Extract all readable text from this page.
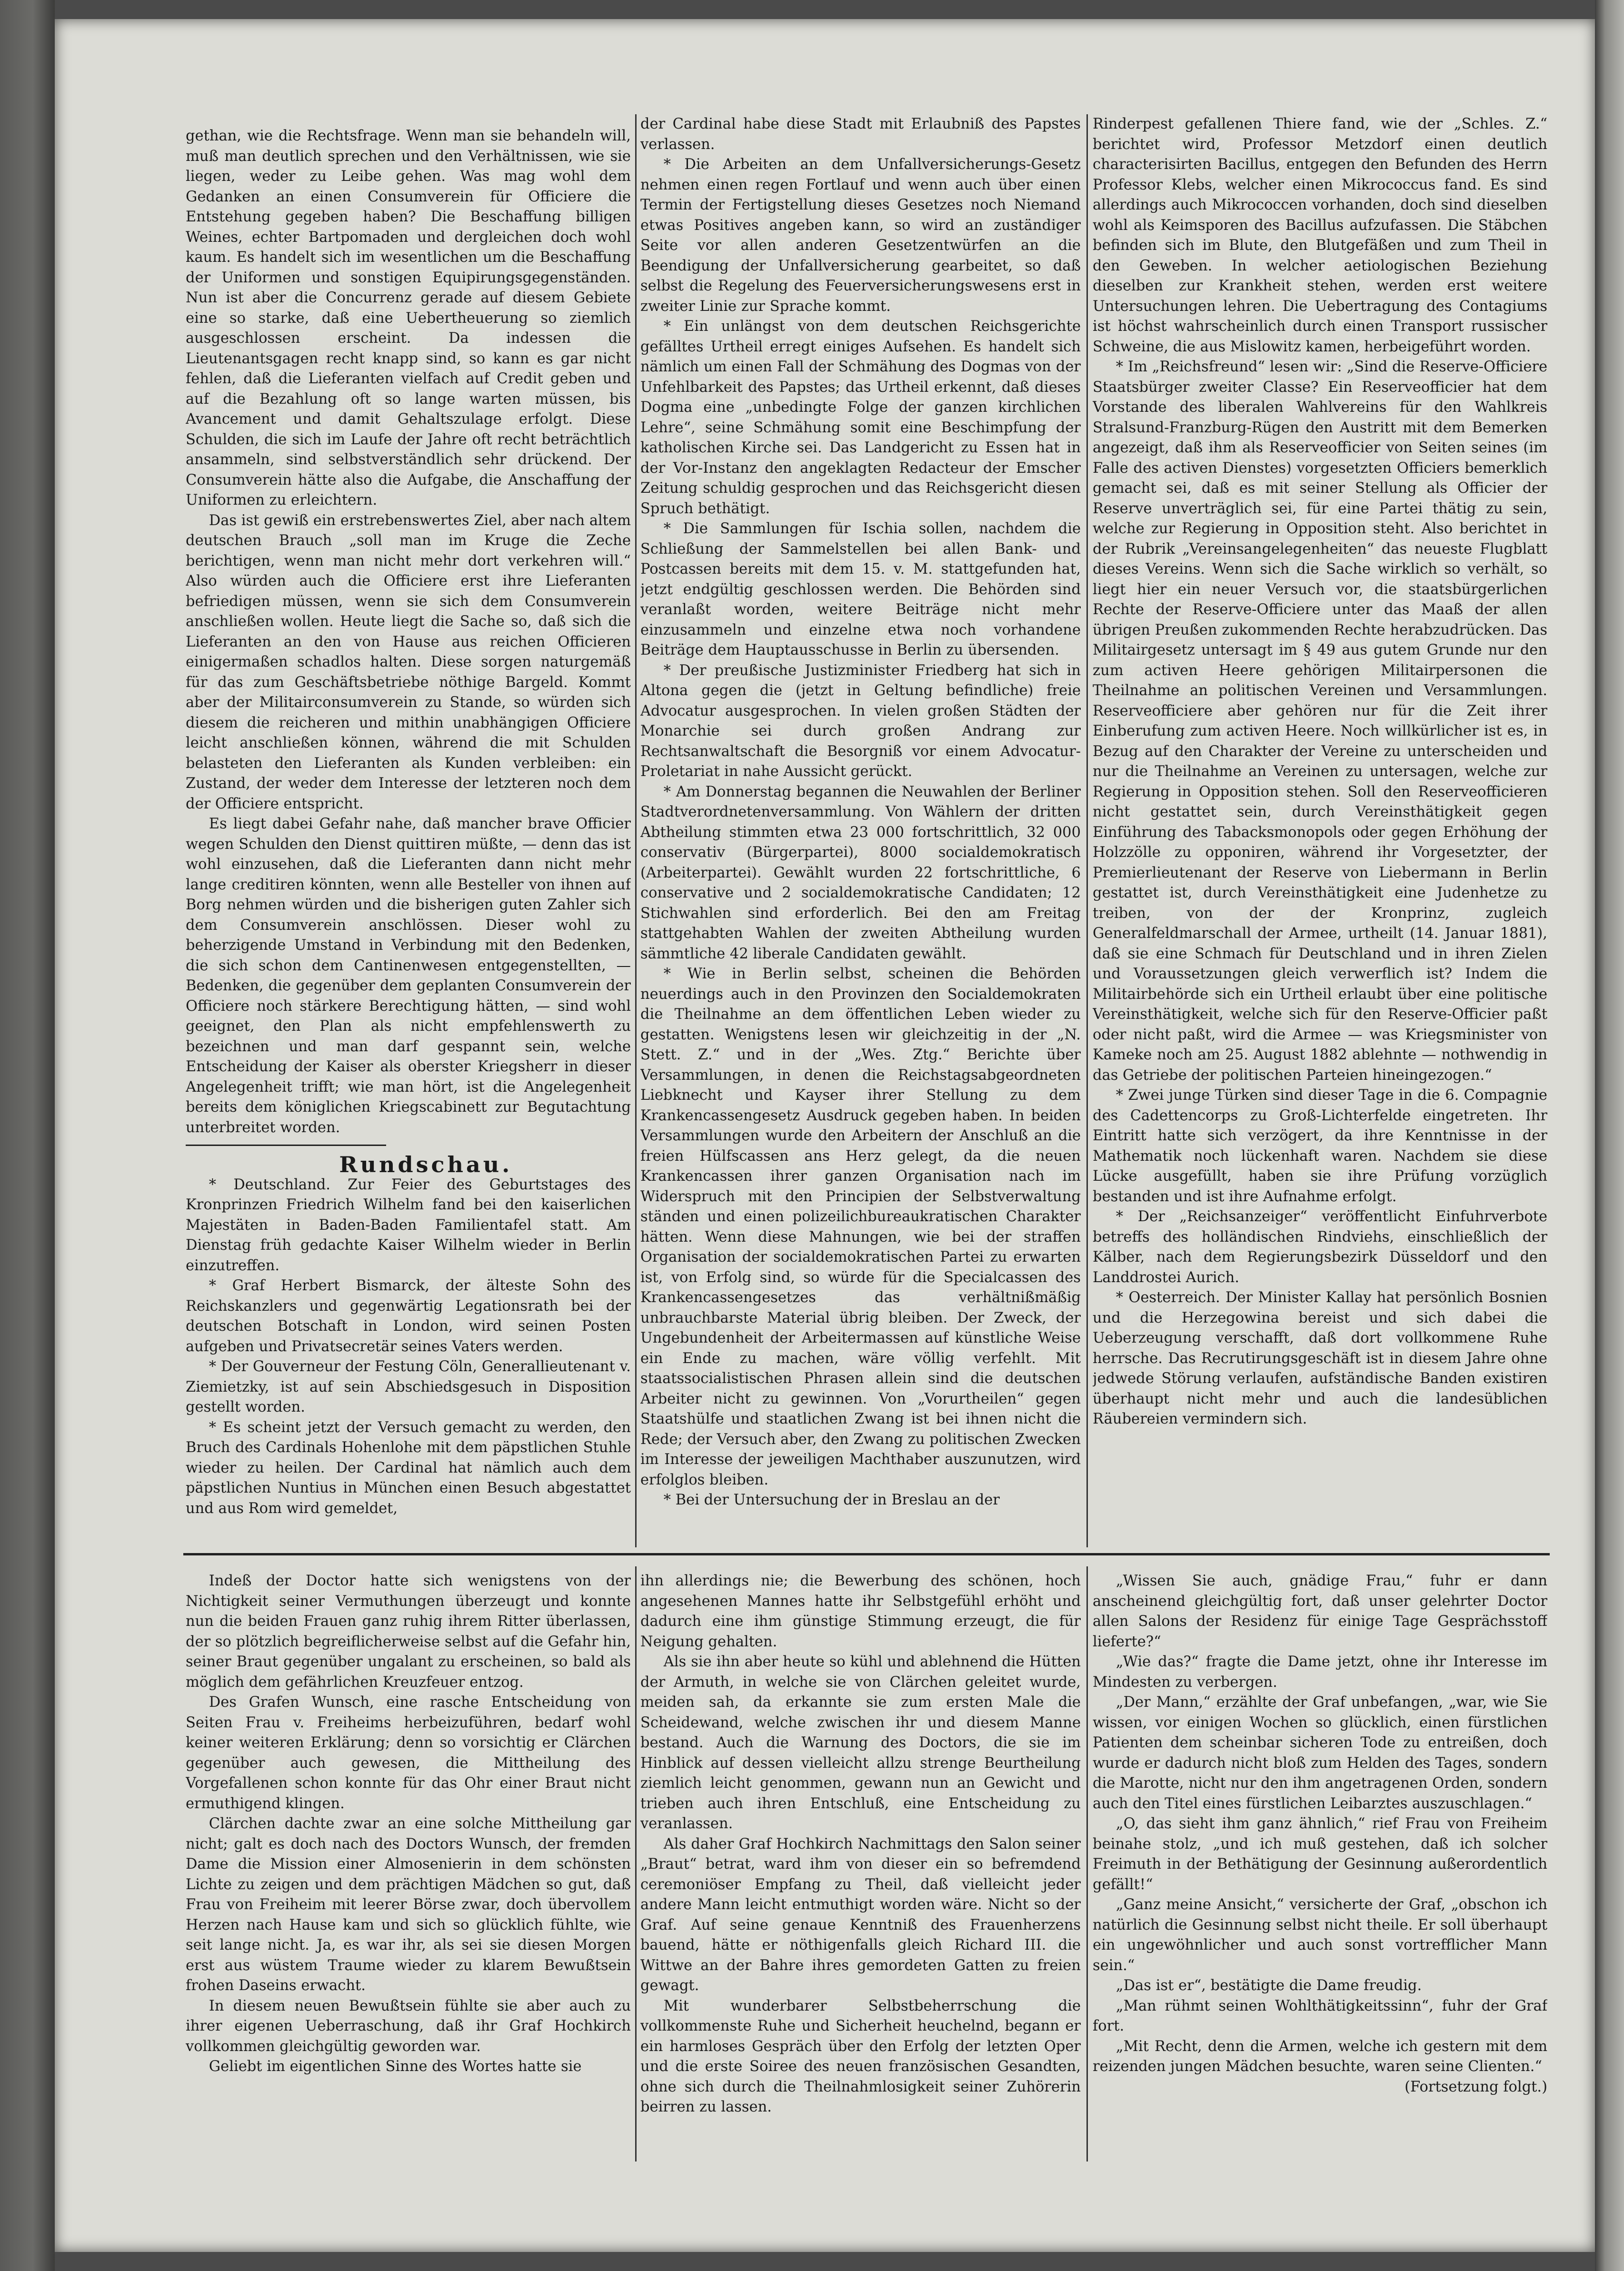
gethan, wie die Rechtsfrage. Wenn man sie behandeln will, muß man deutlich sprechen und den Verhältnissen, wie sie liegen, weder zu Leibe gehen. Was mag wohl dem Gedanken an einen Consumverein für Officiere die Entstehung gegeben haben? Die Beschaffung billigen Weines, echter Bartpomaden und dergleichen doch wohl kaum. Es handelt sich im wesentlichen um die Beschaffung der Uniformen und sonstigen Equipirungsgegenständen. Nun ist aber die Concurrenz gerade auf diesem Gebiete eine so starke, daß eine Uebertheuerung so ziemlich ausgeschlossen erscheint. Da indessen die Lieutenantsgagen recht knapp sind, so kann es gar nicht fehlen, daß die Lieferanten vielfach auf Credit geben und auf die Bezahlung oft so lange warten müssen, bis Avancement und damit Gehaltszulage erfolgt. Diese Schulden, die sich im Laufe der Jahre oft recht beträchtlich ansammeln, sind selbstverständlich sehr drückend. Der Consumverein hätte also die Aufgabe, die Anschaffung der Uniformen zu erleichtern.

Das ist gewiß ein erstrebenswertes Ziel, aber nach altem deutschen Brauch „soll man im Kruge die Zeche berichtigen, wenn man nicht mehr dort verkehren will.“ Also würden auch die Officiere erst ihre Lieferanten befriedigen müssen, wenn sie sich dem Consumverein anschließen wollen. Heute liegt die Sache so, daß sich die Lieferanten an den von Hause aus reichen Officieren einigermaßen schadlos halten. Diese sorgen naturgemäß für das zum Geschäftsbetriebe nöthige Bargeld. Kommt aber der Militairconsumverein zu Stande, so würden sich diesem die reicheren und mithin unabhängigen Officiere leicht anschließen können, während die mit Schulden belasteten den Lieferanten als Kunden verbleiben: ein Zustand, der weder dem Interesse der letzteren noch dem der Officiere entspricht.

Es liegt dabei Gefahr nahe, daß mancher brave Officier wegen Schulden den Dienst quittiren müßte, — denn das ist wohl einzusehen, daß die Lieferanten dann nicht mehr lange creditiren könnten, wenn alle Besteller von ihnen auf Borg nehmen würden und die bisherigen guten Zahler sich dem Consumverein anschlössen. Dieser wohl zu beherzigende Umstand in Verbindung mit den Bedenken, die sich schon dem Cantinenwesen entgegenstellten, — Bedenken, die gegenüber dem geplanten Consumverein der Officiere noch stärkere Berechtigung hätten, — sind wohl geeignet, den Plan als nicht empfehlenswerth zu bezeichnen und man darf gespannt sein, welche Entscheidung der Kaiser als oberster Kriegsherr in dieser Angelegenheit trifft; wie man hört, ist die Angelegenheit bereits dem königlichen Kriegscabinett zur Begutachtung unterbreitet worden.

Rundschau.

* Deutschland. Zur Feier des Geburtstages des Kronprinzen Friedrich Wilhelm fand bei den kaiserlichen Majestäten in Baden-Baden Familientafel statt. Am Dienstag früh gedachte Kaiser Wilhelm wieder in Berlin einzutreffen.

* Graf Herbert Bismarck, der älteste Sohn des Reichskanzlers und gegenwärtig Legationsrath bei der deutschen Botschaft in London, wird seinen Posten aufgeben und Privatsecretär seines Vaters werden.

* Der Gouverneur der Festung Cöln, Generallieutenant v. Ziemietzky, ist auf sein Abschiedsgesuch in Disposition gestellt worden.

* Es scheint jetzt der Versuch gemacht zu werden, den Bruch des Cardinals Hohenlohe mit dem päpstlichen Stuhle wieder zu heilen. Der Cardinal hat nämlich auch dem päpstlichen Nuntius in München einen Besuch abgestattet und aus Rom wird gemeldet,

der Cardinal habe diese Stadt mit Erlaubniß des Papstes verlassen.

* Die Arbeiten an dem Unfallversicherungs-Gesetz nehmen einen regen Fortlauf und wenn auch über einen Termin der Fertigstellung dieses Gesetzes noch Niemand etwas Positives angeben kann, so wird an zuständiger Seite vor allen anderen Gesetzentwürfen an die Beendigung der Unfallversicherung gearbeitet, so daß selbst die Regelung des Feuerversicherungswesens erst in zweiter Linie zur Sprache kommt.

* Ein unlängst von dem deutschen Reichsgerichte gefälltes Urtheil erregt einiges Aufsehen. Es handelt sich nämlich um einen Fall der Schmähung des Dogmas von der Unfehlbarkeit des Papstes; das Urtheil erkennt, daß dieses Dogma eine „unbedingte Folge der ganzen kirchlichen Lehre“, seine Schmähung somit eine Beschimpfung der katholischen Kirche sei. Das Landgericht zu Essen hat in der Vor-Instanz den angeklagten Redacteur der Emscher Zeitung schuldig gesprochen und das Reichsgericht diesen Spruch bethätigt.

* Die Sammlungen für Ischia sollen, nachdem die Schließung der Sammelstellen bei allen Bank- und Postcassen bereits mit dem 15. v. M. stattgefunden hat, jetzt endgültig geschlossen werden. Die Behörden sind veranlaßt worden, weitere Beiträge nicht mehr einzusammeln und einzelne etwa noch vorhandene Beiträge dem Hauptausschusse in Berlin zu übersenden.

* Der preußische Justizminister Friedberg hat sich in Altona gegen die (jetzt in Geltung befindliche) freie Advocatur ausgesprochen. In vielen großen Städten der Monarchie sei durch großen Andrang zur Rechtsanwaltschaft die Besorgniß vor einem Advocatur-Proletariat in nahe Aussicht gerückt.

* Am Donnerstag begannen die Neuwahlen der Berliner Stadtverordnetenversammlung. Von Wählern der dritten Abtheilung stimmten etwa 23 000 fortschrittlich, 32 000 conservativ (Bürgerpartei), 8000 socialdemokratisch (Arbeiterpartei). Gewählt wurden 22 fortschrittliche, 6 conservative und 2 socialdemokratische Candidaten; 12 Stichwahlen sind erforderlich. Bei den am Freitag stattgehabten Wahlen der zweiten Abtheilung wurden sämmtliche 42 liberale Candidaten gewählt.

* Wie in Berlin selbst, scheinen die Behörden neuerdings auch in den Provinzen den Socialdemokraten die Theilnahme an dem öffentlichen Leben wieder zu gestatten. Wenigstens lesen wir gleichzeitig in der „N. Stett. Z.“ und in der „Wes. Ztg.“ Berichte über Versammlungen, in denen die Reichstagsabgeordneten Liebknecht und Kayser ihrer Stellung zu dem Krankencassengesetz Ausdruck gegeben haben. In beiden Versammlungen wurde den Arbeitern der Anschluß an die freien Hülfscassen ans Herz gelegt, da die neuen Krankencassen ihrer ganzen Organisation nach im Widerspruch mit den Principien der Selbstverwaltung ständen und einen polizeilichbureaukratischen Charakter hätten. Wenn diese Mahnungen, wie bei der straffen Organisation der socialdemokratischen Partei zu erwarten ist, von Erfolg sind, so würde für die Specialcassen des Krankencassengesetzes das verhältnißmäßig unbrauchbarste Material übrig bleiben. Der Zweck, der Ungebundenheit der Arbeitermassen auf künstliche Weise ein Ende zu machen, wäre völlig verfehlt. Mit staatssocialistischen Phrasen allein sind die deutschen Arbeiter nicht zu gewinnen. Von „Vorurtheilen“ gegen Staatshülfe und staatlichen Zwang ist bei ihnen nicht die Rede; der Versuch aber, den Zwang zu politischen Zwecken im Interesse der jeweiligen Machthaber auszunutzen, wird erfolglos bleiben.

* Bei der Untersuchung der in Breslau an der

Rinderpest gefallenen Thiere fand, wie der „Schles. Z.“ berichtet wird, Professor Metzdorf einen deutlich characterisirten Bacillus, entgegen den Befunden des Herrn Professor Klebs, welcher einen Mikrococcus fand. Es sind allerdings auch Mikrococcen vorhanden, doch sind dieselben wohl als Keimsporen des Bacillus aufzufassen. Die Stäbchen befinden sich im Blute, den Blutgefäßen und zum Theil in den Geweben. In welcher aetiologischen Beziehung dieselben zur Krankheit stehen, werden erst weitere Untersuchungen lehren. Die Uebertragung des Contagiums ist höchst wahrscheinlich durch einen Transport russischer Schweine, die aus Mislowitz kamen, herbeigeführt worden.

* Im „Reichsfreund“ lesen wir: „Sind die Reserve-Officiere Staatsbürger zweiter Classe? Ein Reserveofficier hat dem Vorstande des liberalen Wahlvereins für den Wahlkreis Stralsund-Franzburg-Rügen den Austritt mit dem Bemerken angezeigt, daß ihm als Reserveofficier von Seiten seines (im Falle des activen Dienstes) vorgesetzten Officiers bemerklich gemacht sei, daß es mit seiner Stellung als Officier der Reserve unverträglich sei, für eine Partei thätig zu sein, welche zur Regierung in Opposition steht. Also berichtet in der Rubrik „Vereinsangelegenheiten“ das neueste Flugblatt dieses Vereins. Wenn sich die Sache wirklich so verhält, so liegt hier ein neuer Versuch vor, die staatsbürgerlichen Rechte der Reserve-Officiere unter das Maaß der allen übrigen Preußen zukommenden Rechte herabzudrücken. Das Militairgesetz untersagt im § 49 aus gutem Grunde nur den zum activen Heere gehörigen Militairpersonen die Theilnahme an politischen Vereinen und Versammlungen. Reserveofficiere aber gehören nur für die Zeit ihrer Einberufung zum activen Heere. Noch willkürlicher ist es, in Bezug auf den Charakter der Vereine zu unterscheiden und nur die Theilnahme an Vereinen zu untersagen, welche zur Regierung in Opposition stehen. Soll den Reserveofficieren nicht gestattet sein, durch Vereinsthätigkeit gegen Einführung des Tabacksmonopols oder gegen Erhöhung der Holzzölle zu opponiren, während ihr Vorgesetzter, der Premierlieutenant der Reserve von Liebermann in Berlin gestattet ist, durch Vereinsthätigkeit eine Judenhetze zu treiben, von der der Kronprinz, zugleich Generalfeldmarschall der Armee, urtheilt (14. Januar 1881), daß sie eine Schmach für Deutschland und in ihren Zielen und Voraussetzungen gleich verwerflich ist? Indem die Militairbehörde sich ein Urtheil erlaubt über eine politische Vereinsthätigkeit, welche sich für den Reserve-Officier paßt oder nicht paßt, wird die Armee — was Kriegsminister von Kameke noch am 25. August 1882 ablehnte — nothwendig in das Getriebe der politischen Parteien hineingezogen.“

* Zwei junge Türken sind dieser Tage in die 6. Compagnie des Cadettencorps zu Groß-Lichterfelde eingetreten. Ihr Eintritt hatte sich verzögert, da ihre Kenntnisse in der Mathematik noch lückenhaft waren. Nachdem sie diese Lücke ausgefüllt, haben sie ihre Prüfung vorzüglich bestanden und ist ihre Aufnahme erfolgt.

* Der „Reichsanzeiger“ veröffentlicht Einfuhrverbote betreffs des holländischen Rindviehs, einschließlich der Kälber, nach dem Regierungsbezirk Düsseldorf und den Landdrostei Aurich.

* Oesterreich. Der Minister Kallay hat persönlich Bosnien und die Herzegowina bereist und sich dabei die Ueberzeugung verschafft, daß dort vollkommene Ruhe herrsche. Das Recrutirungsgeschäft ist in diesem Jahre ohne jedwede Störung verlaufen, aufständische Banden existiren überhaupt nicht mehr und auch die landesüblichen Räubereien vermindern sich.

Indeß der Doctor hatte sich wenigstens von der Nichtigkeit seiner Vermuthungen überzeugt und konnte nun die beiden Frauen ganz ruhig ihrem Ritter überlassen, der so plötzlich begreiflicherweise selbst auf die Gefahr hin, seiner Braut gegenüber ungalant zu erscheinen, so bald als möglich dem gefährlichen Kreuzfeuer entzog.

Des Grafen Wunsch, eine rasche Entscheidung von Seiten Frau v. Freiheims herbeizuführen, bedarf wohl keiner weiteren Erklärung; denn so vorsichtig er Clärchen gegenüber auch gewesen, die Mittheilung des Vorgefallenen schon konnte für das Ohr einer Braut nicht ermuthigend klingen.

Clärchen dachte zwar an eine solche Mittheilung gar nicht; galt es doch nach des Doctors Wunsch, der fremden Dame die Mission einer Almosenierin in dem schönsten Lichte zu zeigen und dem prächtigen Mädchen so gut, daß Frau von Freiheim mit leerer Börse zwar, doch übervollem Herzen nach Hause kam und sich so glücklich fühlte, wie seit lange nicht. Ja, es war ihr, als sei sie diesen Morgen erst aus wüstem Traume wieder zu klarem Bewußtsein frohen Daseins erwacht.

In diesem neuen Bewußtsein fühlte sie aber auch zu ihrer eigenen Ueberraschung, daß ihr Graf Hochkirch vollkommen gleichgültig geworden war.

Geliebt im eigentlichen Sinne des Wortes hatte sie

ihn allerdings nie; die Bewerbung des schönen, hoch angesehenen Mannes hatte ihr Selbstgefühl erhöht und dadurch eine ihm günstige Stimmung erzeugt, die für Neigung gehalten.

Als sie ihn aber heute so kühl und ablehnend die Hütten der Armuth, in welche sie von Clärchen geleitet wurde, meiden sah, da erkannte sie zum ersten Male die Scheidewand, welche zwischen ihr und diesem Manne bestand. Auch die Warnung des Doctors, die sie im Hinblick auf dessen vielleicht allzu strenge Beurtheilung ziemlich leicht genommen, gewann nun an Gewicht und trieben auch ihren Entschluß, eine Entscheidung zu veranlassen.

Als daher Graf Hochkirch Nachmittags den Salon seiner „Braut“ betrat, ward ihm von dieser ein so befremdend ceremoniöser Empfang zu Theil, daß vielleicht jeder andere Mann leicht entmuthigt worden wäre. Nicht so der Graf. Auf seine genaue Kenntniß des Frauenherzens bauend, hätte er nöthigenfalls gleich Richard III. die Wittwe an der Bahre ihres gemordeten Gatten zu freien gewagt.

Mit wunderbarer Selbstbeherrschung die vollkommenste Ruhe und Sicherheit heuchelnd, begann er ein harmloses Gespräch über den Erfolg der letzten Oper und die erste Soiree des neuen französischen Gesandten, ohne sich durch die Theilnahmlosigkeit seiner Zuhörerin beirren zu lassen.

„Wissen Sie auch, gnädige Frau,“ fuhr er dann anscheinend gleichgültig fort, daß unser gelehrter Doctor allen Salons der Residenz für einige Tage Gesprächsstoff lieferte?“

„Wie das?“ fragte die Dame jetzt, ohne ihr Interesse im Mindesten zu verbergen.

„Der Mann,“ erzählte der Graf unbefangen, „war, wie Sie wissen, vor einigen Wochen so glücklich, einen fürstlichen Patienten dem scheinbar sicheren Tode zu entreißen, doch wurde er dadurch nicht bloß zum Helden des Tages, sondern die Marotte, nicht nur den ihm angetragenen Orden, sondern auch den Titel eines fürstlichen Leibarztes auszuschlagen.“

„O, das sieht ihm ganz ähnlich,“ rief Frau von Freiheim beinahe stolz, „und ich muß gestehen, daß ich solcher Freimuth in der Bethätigung der Gesinnung außerordentlich gefällt!“

„Ganz meine Ansicht,“ versicherte der Graf, „obschon ich natürlich die Gesinnung selbst nicht theile. Er soll überhaupt ein ungewöhnlicher und auch sonst vortrefflicher Mann sein.“

„Das ist er“, bestätigte die Dame freudig.

„Man rühmt seinen Wohlthätigkeitssinn“, fuhr der Graf fort.

„Mit Recht, denn die Armen, welche ich gestern mit dem reizenden jungen Mädchen besuchte, waren seine Clienten.“

(Fortsetzung folgt.)
